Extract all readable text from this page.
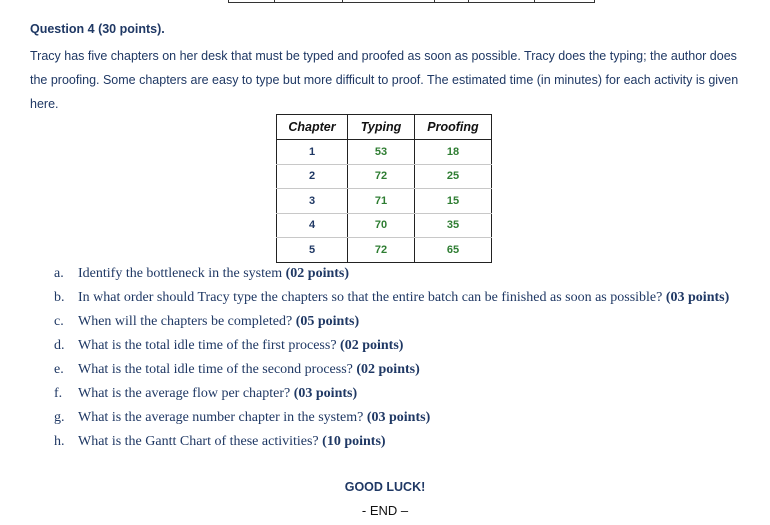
Question 4 (30 points).
Tracy has five chapters on her desk that must be typed and proofed as soon as possible. Tracy does the typing; the author does the proofing. Some chapters are easy to type but more difficult to proof. The estimated time (in minutes) for each activity is given here.
Chapter	Typing	Proofing
1	53	18
2	72	25
3	71	15
4	70	35
5	72	65
a.	Identify the bottleneck in the system (02 points)
b. In what order should Tracy type the chapters so that the entire batch can be finished as soon as possible? (03 points)
c.	When will the chapters be completed? (05 points)
d. What is the total idle time of the first process? (02 points)
e.	What is the total idle time of the second process? (02 points)
f.	What is the average flow per chapter? (03 points)
g. What is the average number chapter in the system? (03 points)
h. What is the Gantt Chart of these activities? (10 points)
GOOD LUCK!
- END –
